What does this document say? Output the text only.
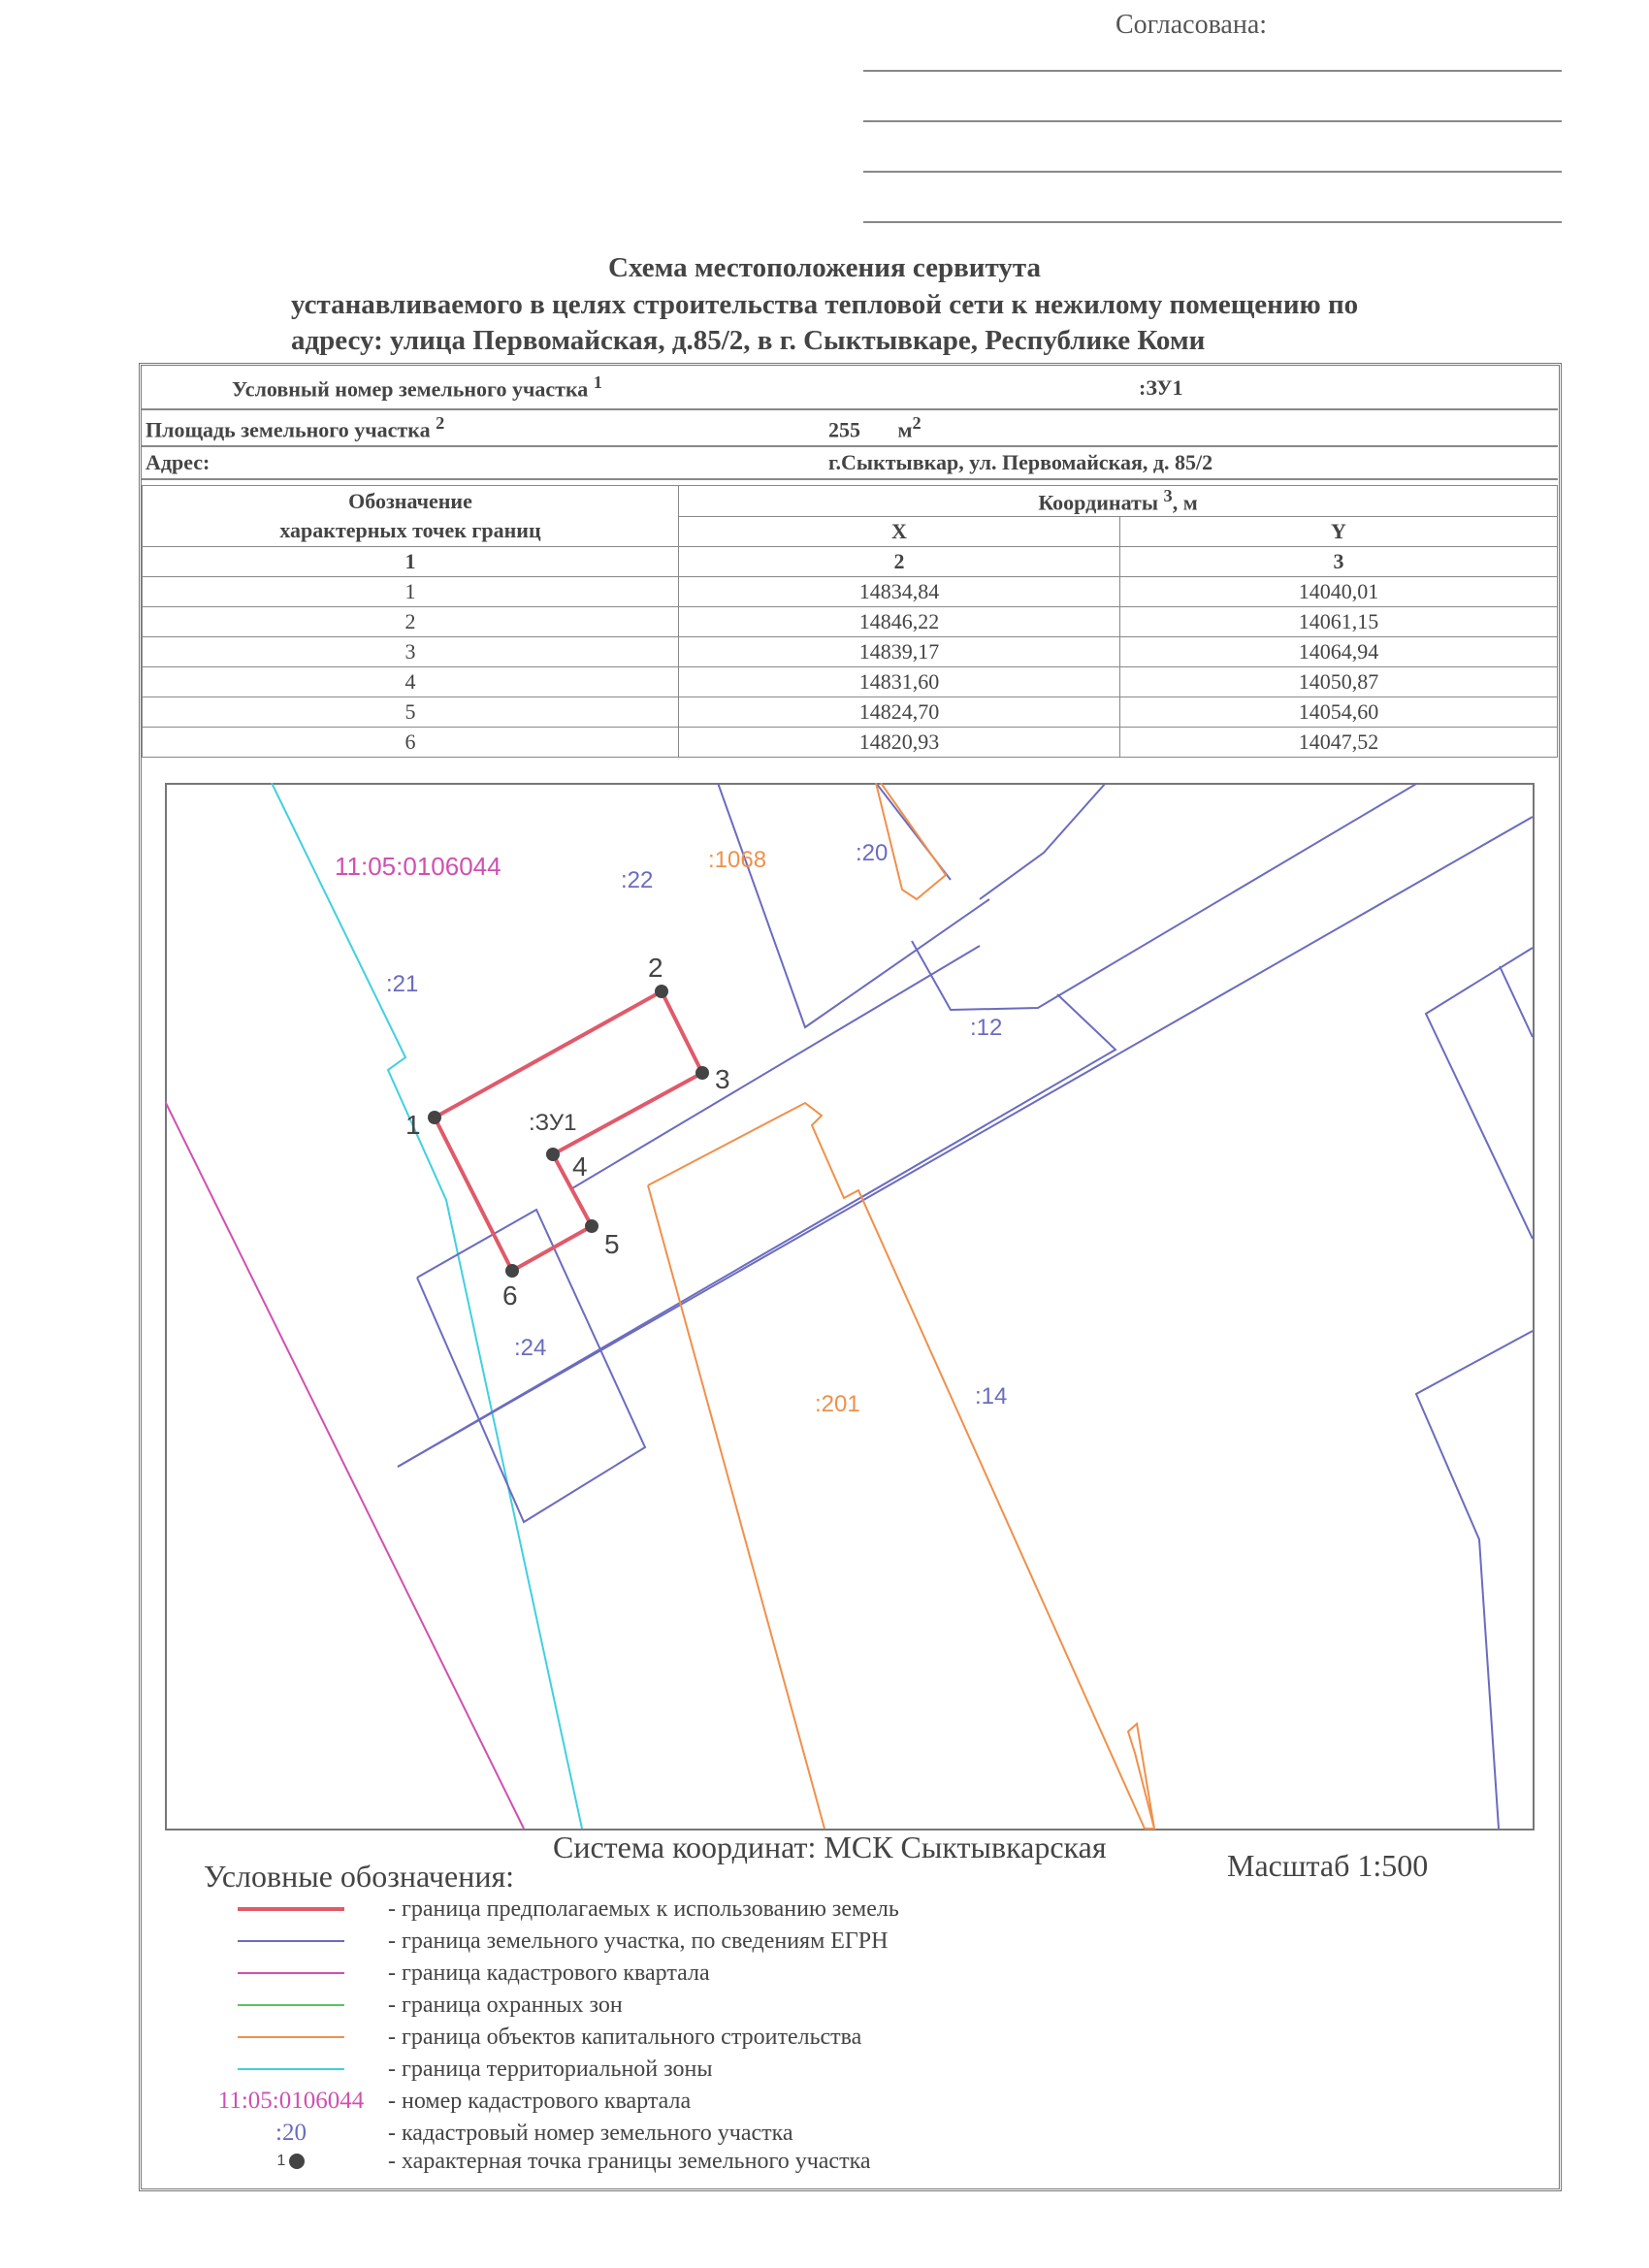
Согласована:
Схема местоположения сервитута
устанавливаемого в целях строительства тепловой сети к нежилому помещению по
адресу: улица Первомайская, д.85/2, в г. Сыктывкаре, Республике Коми
Условный номер земельного участка $^1$	:ЗУ1
Площадь земельного участка $^2$	255 $м^2$
Адрес:	г.Сыктывкар, ул. Первомайская, д. 85/2
Обозначение
характерных точек границ	Координаты $^3$, м	
	X	Y
1	2	3
1	14834,84	14040,01
2	14846,22	14061,15
3	14839,17	14064,94
4	14831,60	14050,87
5	14824,70	14054,60
6	14820,93	14047,52
1
2
3
4
5
6
11:05:0106044
:21
:22
:1068	:20
:12
:ЗУ1
:24
:201	:14
Система координат: МСК Сыктывкарская
Масштаб 1:500
Условные обозначения:
- граница предполагаемых к использованию земель
- граница земельного участка, по сведениям ЕГРН
- граница кадастрового квартала
- граница охранных зон
- граница объектов капитального строительства
- граница территориальной зоны
11:05:0106044	- номер кадастрового квартала
:20	- кадастровый номер земельного участка
1	- характерная точка границы земельного участка
